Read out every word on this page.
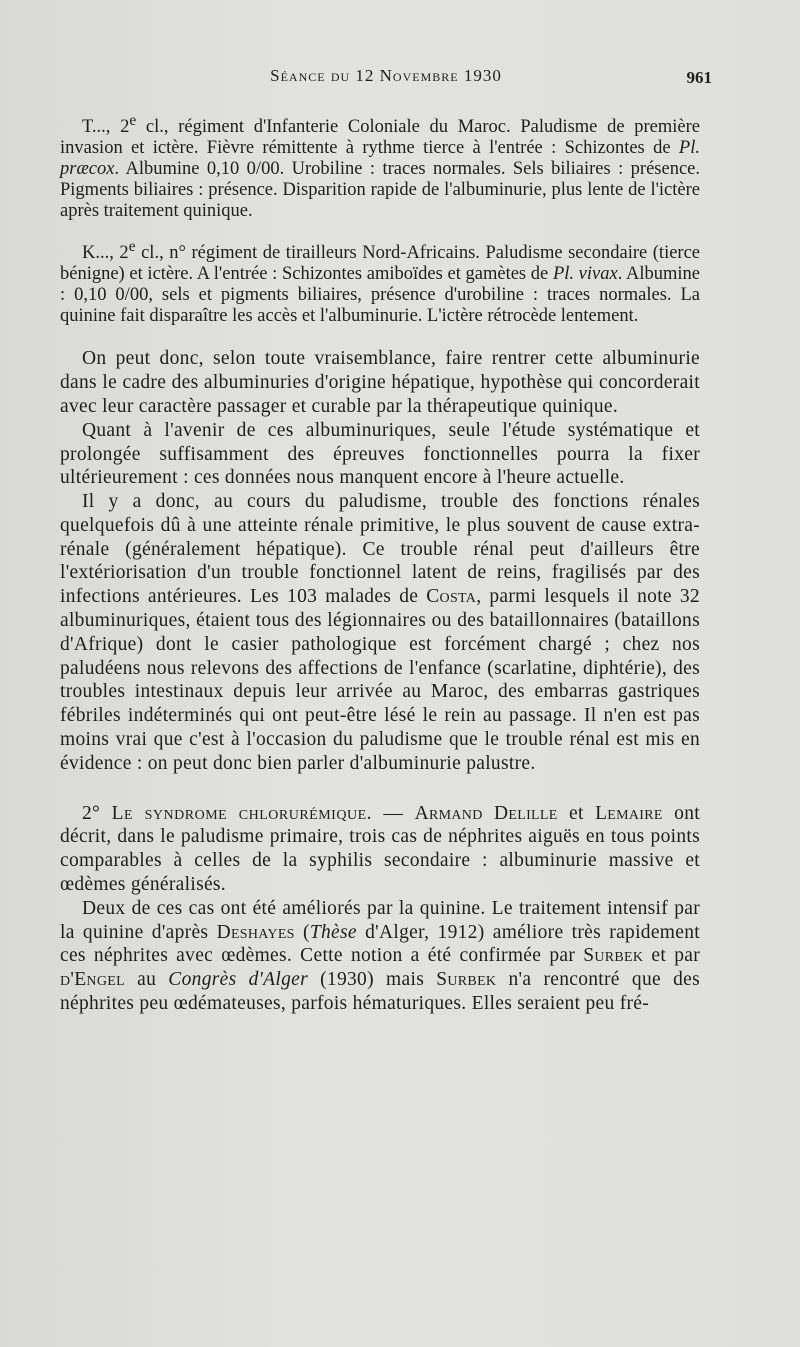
Séance du 12 Novembre 1930	961

T..., 2e cl., régiment d'Infanterie Coloniale du Maroc. Paludisme de première invasion et ictère. Fièvre rémittente à rythme tierce à l'entrée : Schizontes de Pl. præcox. Albumine 0,10 0/00. Urobiline : traces normales. Sels biliaires : présence. Pigments biliaires : présence. Disparition rapide de l'albuminurie, plus lente de l'ictère après traitement quinique.

K..., 2e cl., n° régiment de tirailleurs Nord-Africains. Paludisme secondaire (tierce bénigne) et ictère. A l'entrée : Schizontes amiboïdes et gamètes de Pl. vivax. Albumine : 0,10 0/00, sels et pigments biliaires, présence d'urobiline : traces normales. La quinine fait disparaître les accès et l'albuminurie. L'ictère rétrocède lentement.

On peut donc, selon toute vraisemblance, faire rentrer cette albuminurie dans le cadre des albuminuries d'origine hépatique, hypothèse qui concorderait avec leur caractère passager et curable par la thérapeutique quinique.

Quant à l'avenir de ces albuminuriques, seule l'étude systématique et prolongée suffisamment des épreuves fonctionnelles pourra la fixer ultérieurement : ces données nous manquent encore à l'heure actuelle.

Il y a donc, au cours du paludisme, trouble des fonctions rénales quelquefois dû à une atteinte rénale primitive, le plus souvent de cause extra-rénale (généralement hépatique). Ce trouble rénal peut d'ailleurs être l'extériorisation d'un trouble fonctionnel latent de reins, fragilisés par des infections antérieures. Les 103 malades de Costa, parmi lesquels il note 32 albuminuriques, étaient tous des légionnaires ou des bataillonnaires (bataillons d'Afrique) dont le casier pathologique est forcément chargé ; chez nos paludéens nous relevons des affections de l'enfance (scarlatine, diphtérie), des troubles intestinaux depuis leur arrivée au Maroc, des embarras gastriques fébriles indéterminés qui ont peut-être lésé le rein au passage. Il n'en est pas moins vrai que c'est à l'occasion du paludisme que le trouble rénal est mis en évidence : on peut donc bien parler d'albuminurie palustre.

2° Le syndrome chlorurémique. — Armand Delille et Lemaire ont décrit, dans le paludisme primaire, trois cas de néphrites aiguës en tous points comparables à celles de la syphilis secondaire : albuminurie massive et œdèmes généralisés.

Deux de ces cas ont été améliorés par la quinine. Le traitement intensif par la quinine d'après Deshayes (Thèse d'Alger, 1912) améliore très rapidement ces néphrites avec œdèmes. Cette notion a été confirmée par Surbek et par d'Engel au Congrès d'Alger (1930) mais Surbek n'a rencontré que des néphrites peu œdémateuses, parfois hématuriques. Elles seraient peu fré-
